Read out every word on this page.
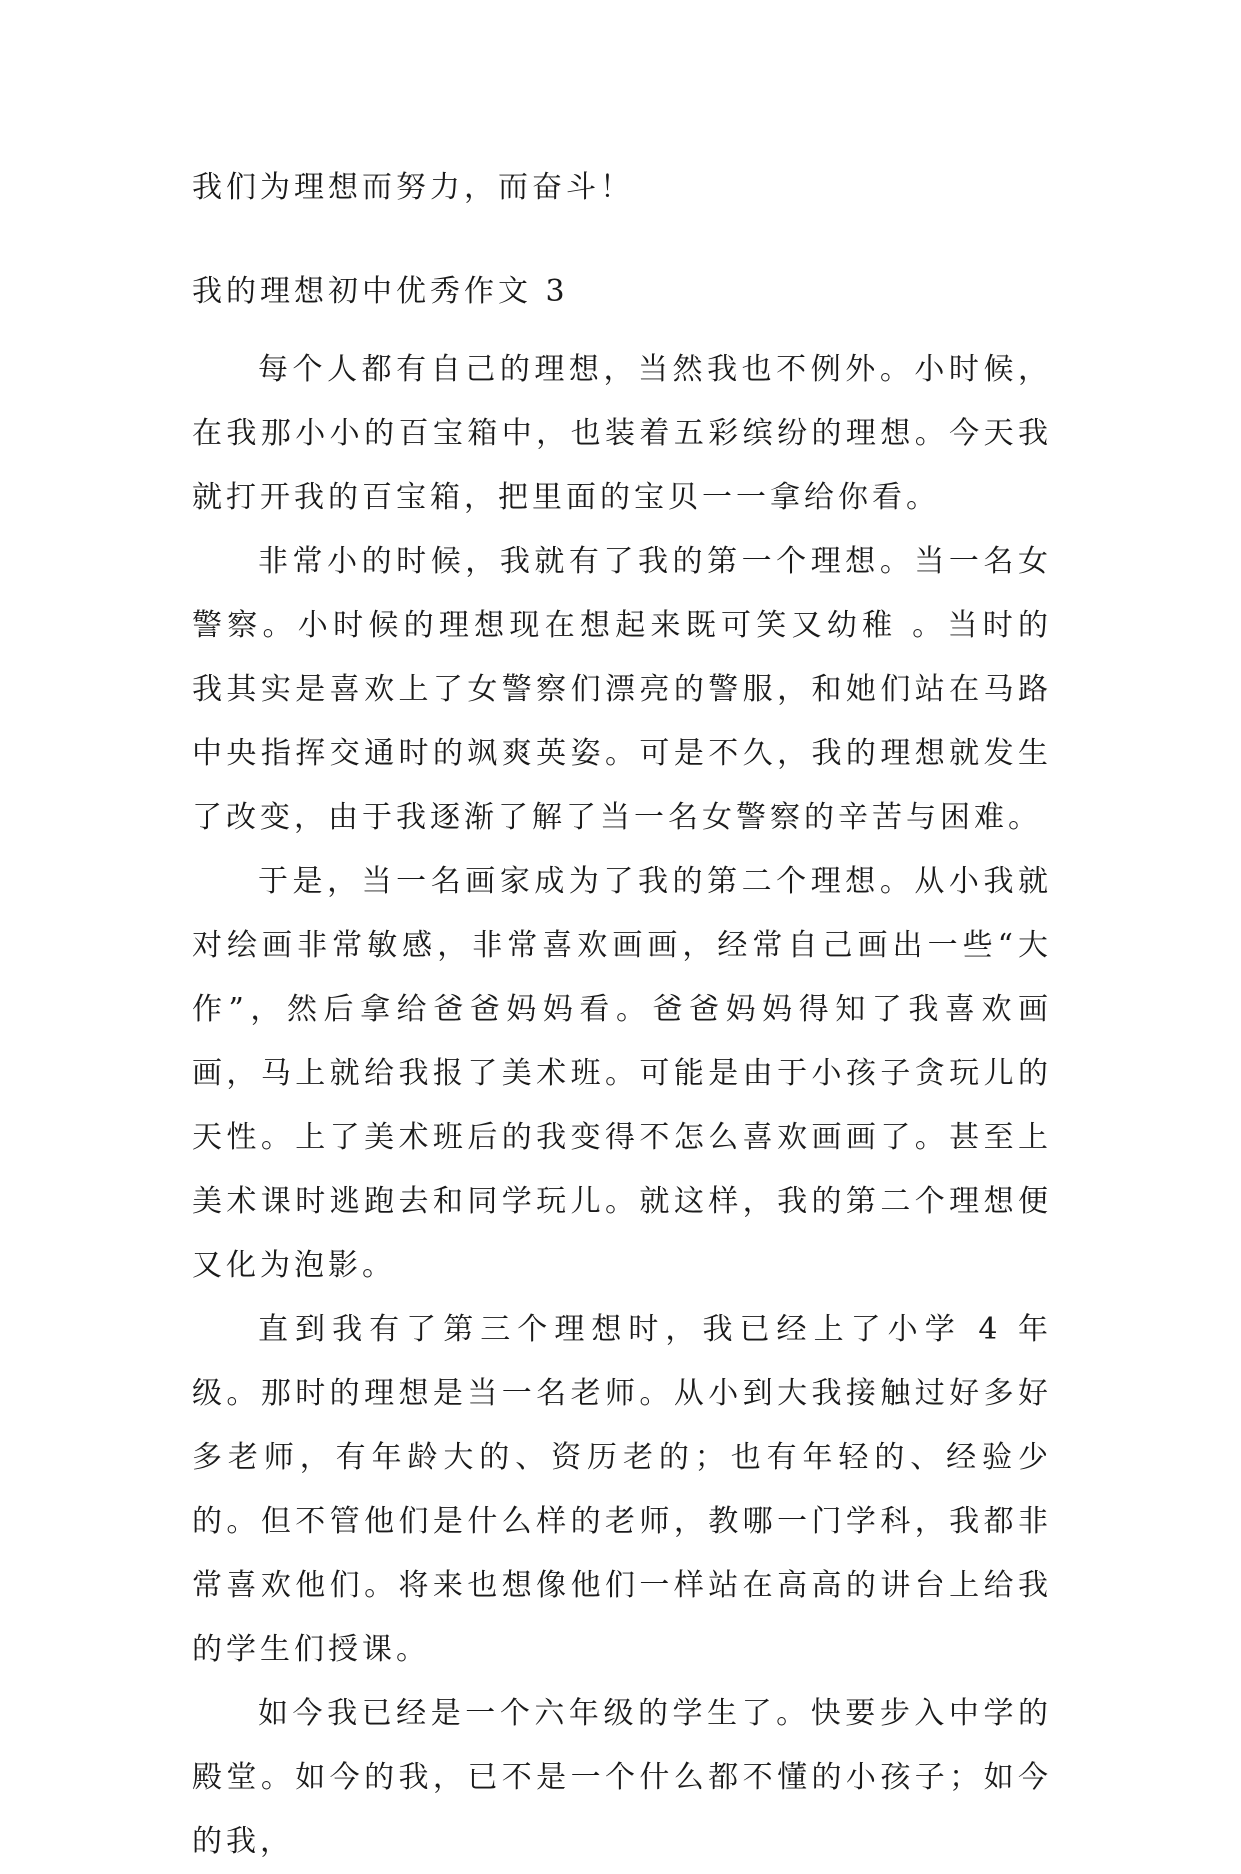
我们为理想而努力，而奋斗！

我的理想初中优秀作文 3

每个人都有自己的理想，当然我也不例外。小时候，在我那小小的百宝箱中，也装着五彩缤纷的理想。今天我就打开我的百宝箱，把里面的宝贝一一拿给你看。

非常小的时候，我就有了我的第一个理想。当一名女警察。小时候的理想现在想起来既可笑又幼稚 。当时的我其实是喜欢上了女警察们漂亮的警服，和她们站在马路中央指挥交通时的飒爽英姿。可是不久，我的理想就发生了改变，由于我逐渐了解了当一名女警察的辛苦与困难。

于是，当一名画家成为了我的第二个理想。从小我就对绘画非常敏感，非常喜欢画画，经常自己画出一些“大作”，然后拿给爸爸妈妈看。爸爸妈妈得知了我喜欢画画，马上就给我报了美术班。可能是由于小孩子贪玩儿的天性。上了美术班后的我变得不怎么喜欢画画了。甚至上美术课时逃跑去和同学玩儿。就这样，我的第二个理想便又化为泡影。

直到我有了第三个理想时，我已经上了小学 4 年级。那时的理想是当一名老师。从小到大我接触过好多好多老师，有年龄大的、资历老的；也有年轻的、经验少的。但不管他们是什么样的老师，教哪一门学科，我都非常喜欢他们。将来也想像他们一样站在高高的讲台上给我的学生们授课。

如今我已经是一个六年级的学生了。快要步入中学的殿堂。如今的我，已不是一个什么都不懂的小孩子；如今的我，
